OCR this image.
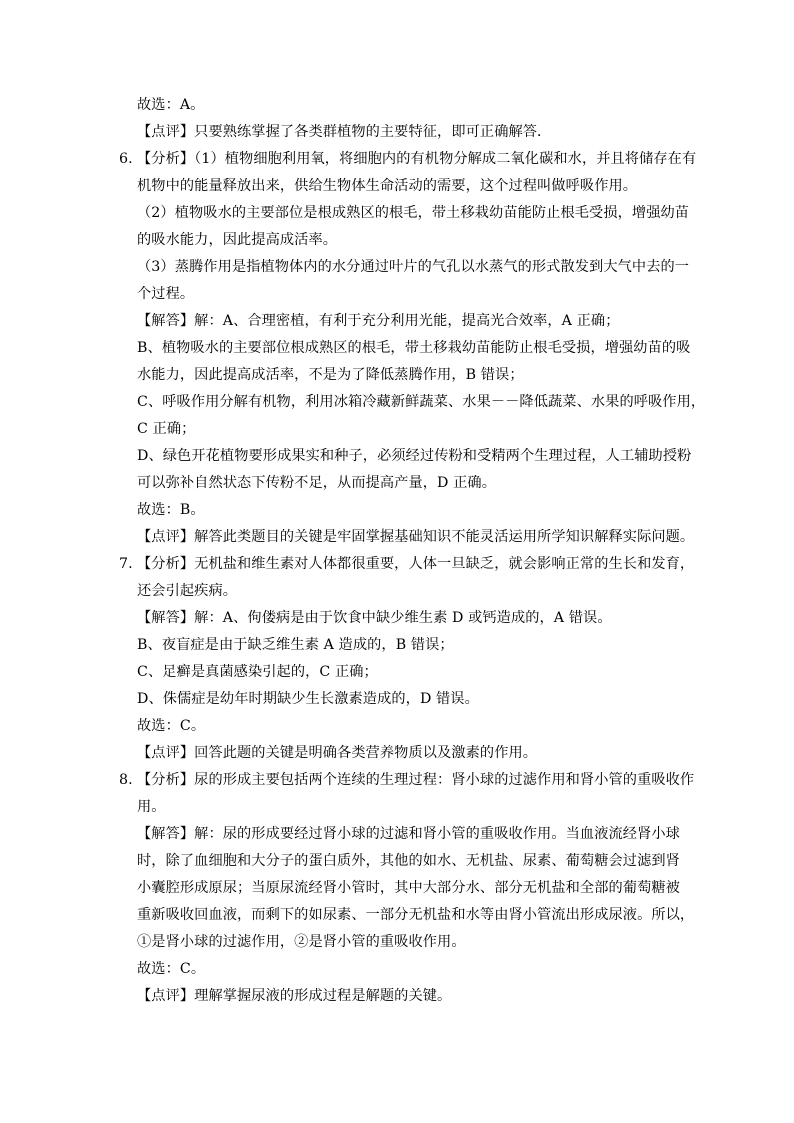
故选：A。
【点评】只要熟练掌握了各类群植物的主要特征，即可正确解答．
6. 【分析】（1）植物细胞利用氧，将细胞内的有机物分解成二氧化碳和水，并且将储存在有
机物中的能量释放出来，供给生物体生命活动的需要，这个过程叫做呼吸作用。
（2）植物吸水的主要部位是根成熟区的根毛，带土移栽幼苗能防止根毛受损，增强幼苗
的吸水能力，因此提高成活率。
（3）蒸腾作用是指植物体内的水分通过叶片的气孔以水蒸气的形式散发到大气中去的一
个过程。
【解答】解：A、合理密植，有利于充分利用光能，提高光合效率，A 正确；
B、植物吸水的主要部位根成熟区的根毛，带土移栽幼苗能防止根毛受损，增强幼苗的吸
水能力，因此提高成活率，不是为了降低蒸腾作用，B 错误；
C、呼吸作用分解有机物，利用冰箱冷藏新鲜蔬菜、水果－－降低蔬菜、水果的呼吸作用，
C 正确；
D、绿色开花植物要形成果实和种子，必须经过传粉和受精两个生理过程，人工辅助授粉
可以弥补自然状态下传粉不足，从而提高产量，D 正确。
故选：B。
【点评】解答此类题目的关键是牢固掌握基础知识不能灵活运用所学知识解释实际问题。
7. 【分析】无机盐和维生素对人体都很重要，人体一旦缺乏，就会影响正常的生长和发育，
还会引起疾病。
【解答】解：A、佝偻病是由于饮食中缺少维生素 D 或钙造成的，A 错误。
B、夜盲症是由于缺乏维生素 A 造成的，B 错误；
C、足癣是真菌感染引起的，C 正确；
D、侏儒症是幼年时期缺少生长激素造成的，D 错误。
故选：C。
【点评】回答此题的关键是明确各类营养物质以及激素的作用。
8. 【分析】尿的形成主要包括两个连续的生理过程：肾小球的过滤作用和肾小管的重吸收作
用。
【解答】解：尿的形成要经过肾小球的过滤和肾小管的重吸收作用。当血液流经肾小球
时，除了血细胞和大分子的蛋白质外，其他的如水、无机盐、尿素、葡萄糖会过滤到肾
小囊腔形成原尿；当原尿流经肾小管时，其中大部分水、部分无机盐和全部的葡萄糖被
重新吸收回血液，而剩下的如尿素、一部分无机盐和水等由肾小管流出形成尿液。所以，
①是肾小球的过滤作用，②是肾小管的重吸收作用。
故选：C。
【点评】理解掌握尿液的形成过程是解题的关键。
